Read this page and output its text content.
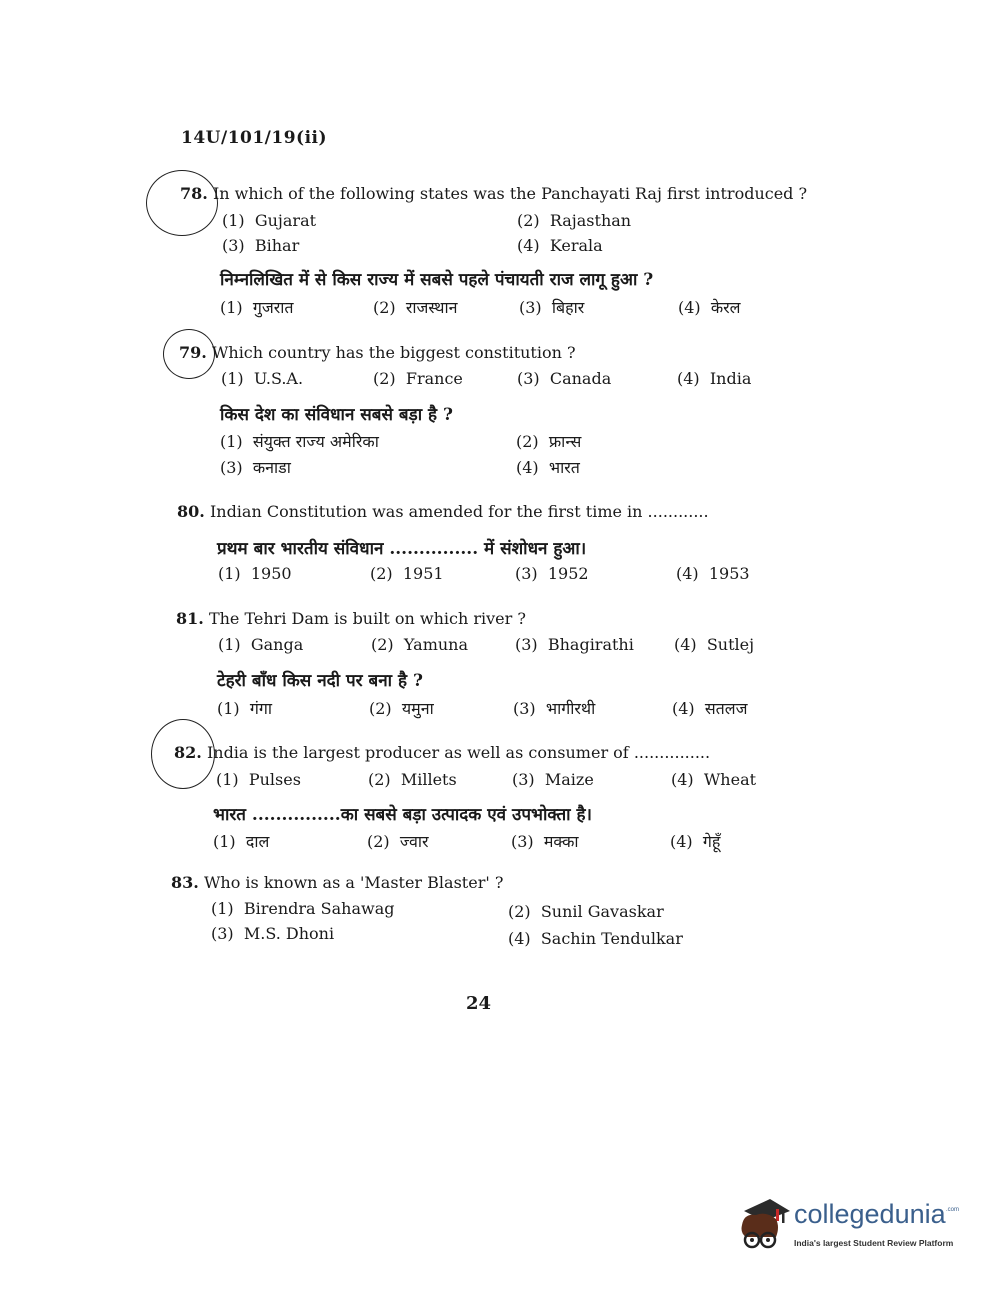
14U/101/19(ii)
78. In which of the following states was the Panchayati Raj first introduced ?
(1) Gujarat	(2) Rajasthan
(3) Bihar	(4) Kerala
निम्नलिखित में से किस राज्य में सबसे पहले पंचायती राज लागू हुआ ?
(1) गुजरात	(2) राजस्थान	(3) बिहार	(4) केरल
79. Which country has the biggest constitution ?
(1) U.S.A.	(2) France	(3) Canada	(4) India
किस देश का संविधान सबसे बड़ा है ?
(1) संयुक्त राज्य अमेरिका	(2) फ्रान्स
(3) कनाडा	(4) भारत
80. Indian Constitution was amended for the first time in ............
प्रथम बार भारतीय संविधान ............... में संशोधन हुआ।
(1) 1950	(2) 1951	(3) 1952	(4) 1953
81. The Tehri Dam is built on which river ?
(1) Ganga	(2) Yamuna	(3) Bhagirathi	(4) Sutlej
टेहरी बाँध किस नदी पर बना है ?
(1) गंगा	(2) यमुना	(3) भागीरथी	(4) सतलज
82. India is the largest producer as well as consumer of ...............
(1) Pulses	(2) Millets	(3) Maize	(4) Wheat
भारत ...............का सबसे बड़ा उत्पादक एवं उपभोक्ता है।
(1) दाल	(2) ज्वार	(3) मक्का	(4) गेहूँ
83. Who is known as a 'Master Blaster' ?
(1) Birendra Sahawag	(2) Sunil Gavaskar
(3) M.S. Dhoni	(4) Sachin Tendulkar
24
collegedunia .com
India's largest Student Review Platform
